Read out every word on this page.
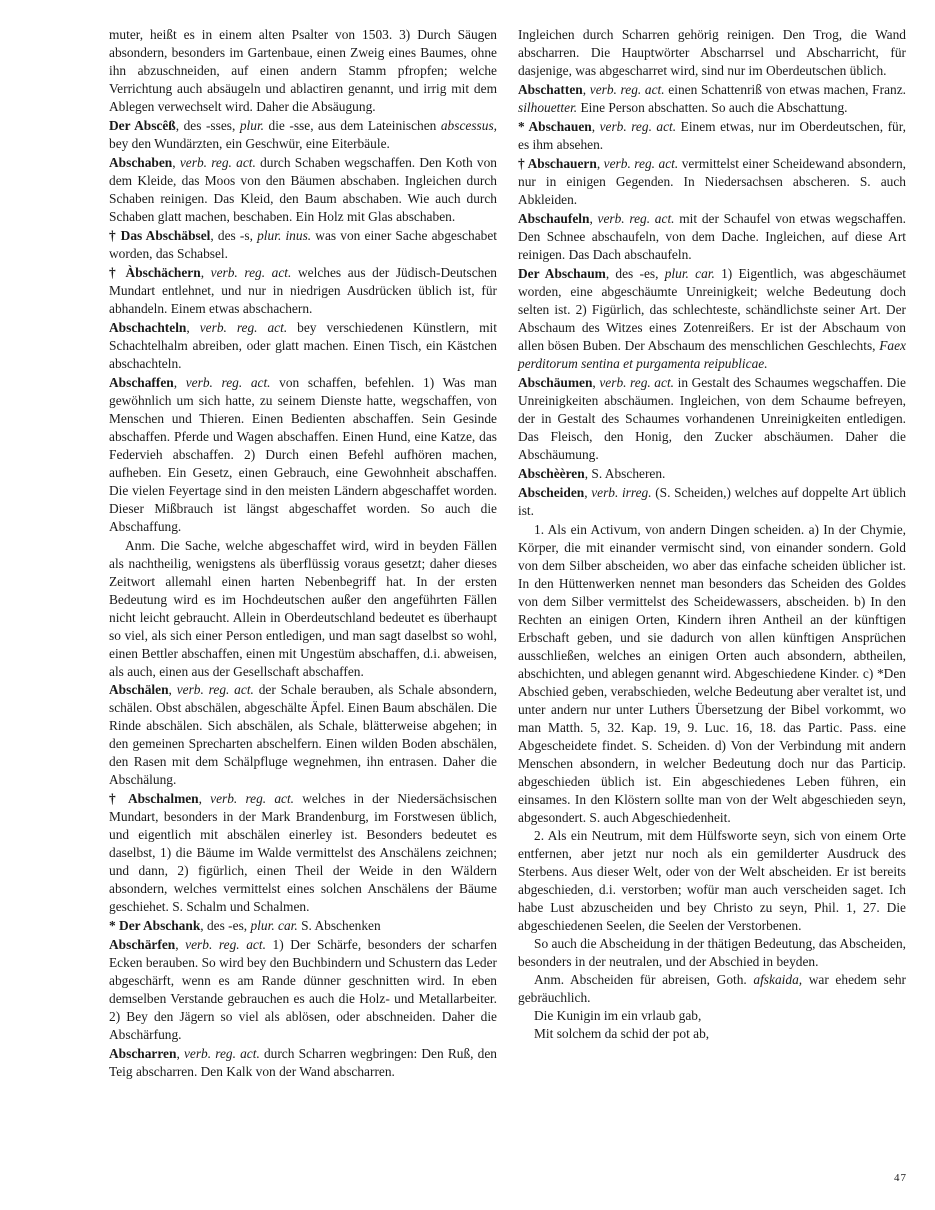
muter, heißt es in einem alten Psalter von 1503. 3) Durch Säugen absondern, besonders im Gartenbaue, einen Zweig eines Baumes, ohne ihn abzuschneiden, auf einen andern Stamm pfropfen; welche Verrichtung auch absäugeln und ablactiren genannt, und irrig mit dem Ablegen verwechselt wird. Daher die Absäugung.

Der Abscêß, des -sses, plur. die -sse, aus dem Lateinischen abscessus, bey den Wundärzten, ein Geschwür, eine Eiterbäule.

Abschaben, verb. reg. act. durch Schaben wegschaffen. Den Koth von dem Kleide, das Moos von den Bäumen abschaben. Ingleichen durch Schaben reinigen. Das Kleid, den Baum abschaben. Wie auch durch Schaben glatt machen, beschaben. Ein Holz mit Glas abschaben.

† Das Abschäbsel, des -s, plur. inus. was von einer Sache abgeschabet worden, das Schabsel.

† Àbschächern, verb. reg. act. welches aus der Jüdisch-Deutschen Mundart entlehnet, und nur in niedrigen Ausdrücken üblich ist, für abhandeln. Einem etwas abschachern.

Abschachteln, verb. reg. act. bey verschiedenen Künstlern, mit Schachtelhalm abreiben, oder glatt machen. Einen Tisch, ein Kästchen abschachteln.

Abschaffen, verb. reg. act. von schaffen, befehlen. 1) Was man gewöhnlich um sich hatte, zu seinem Dienste hatte, wegschaffen, von Menschen und Thieren. Einen Bedienten abschaffen. Sein Gesinde abschaffen. Pferde und Wagen abschaffen. Einen Hund, eine Katze, das Federvieh abschaffen. 2) Durch einen Befehl aufhören machen, aufheben. Ein Gesetz, einen Gebrauch, eine Gewohnheit abschaffen. Die vielen Feyertage sind in den meisten Ländern abgeschaffet worden. Dieser Mißbrauch ist längst abgeschaffet worden. So auch die Abschaffung.

Anm. Die Sache, welche abgeschaffet wird, wird in beyden Fällen als nachtheilig, wenigstens als überflüssig voraus gesetzt; daher dieses Zeitwort allemahl einen harten Nebenbegriff hat. In der ersten Bedeutung wird es im Hochdeutschen außer den angeführten Fällen nicht leicht gebraucht. Allein in Oberdeutschland bedeutet es überhaupt so viel, als sich einer Person entledigen, und man sagt daselbst so wohl, einen Bettler abschaffen, einen mit Ungestüm abschaffen, d.i. abweisen, als auch, einen aus der Gesellschaft abschaffen.

Abschälen, verb. reg. act. der Schale berauben, als Schale absondern, schälen. Obst abschälen, abgeschälte Äpfel. Einen Baum abschälen. Die Rinde abschälen. Sich abschälen, als Schale, blätterweise abgehen; in den gemeinen Sprecharten abschelfern. Einen wilden Boden abschälen, den Rasen mit dem Schälpfluge wegnehmen, ihn entrasen. Daher die Abschälung.

† Abschalmen, verb. reg. act. welches in der Niedersächsischen Mundart, besonders in der Mark Brandenburg, im Forstwesen üblich, und eigentlich mit abschälen einerley ist. Besonders bedeutet es daselbst, 1) die Bäume im Walde vermittelst des Anschälens zeichnen; und dann, 2) figürlich, einen Theil der Weide in den Wäldern absondern, welches vermittelst eines solchen Anschälens der Bäume geschiehet. S. Schalm und Schalmen.

* Der Abschank, des -es, plur. car. S. Abschenken

Abschärfen, verb. reg. act. 1) Der Schärfe, besonders der scharfen Ecken berauben. So wird bey den Buchbindern und Schustern das Leder abgeschärft, wenn es am Rande dünner geschnitten wird. In eben demselben Verstande gebrauchen es auch die Holz- und Metallarbeiter. 2) Bey den Jägern so viel als ablösen, oder abschneiden. Daher die Abschärfung.

Abscharren, verb. reg. act. durch Scharren wegbringen: Den Ruß, den Teig abscharren. Den Kalk von der Wand abscharren.

Ingleichen durch Scharren gehörig reinigen. Den Trog, die Wand abscharren. Die Hauptwörter Abscharrsel und Abscharricht, für dasjenige, was abgescharret wird, sind nur im Oberdeutschen üblich.

Abschatten, verb. reg. act. einen Schattenriß von etwas machen, Franz. silhouetter. Eine Person abschatten. So auch die Abschattung.

* Abschauen, verb. reg. act. Einem etwas, nur im Oberdeutschen, für, es ihm absehen.

† Abschauern, verb. reg. act. vermittelst einer Scheidewand absondern, nur in einigen Gegenden. In Niedersachsen abscheren. S. auch Abkleiden.

Abschaufeln, verb. reg. act. mit der Schaufel von etwas wegschaffen. Den Schnee abschaufeln, von dem Dache. Ingleichen, auf diese Art reinigen. Das Dach abschaufeln.

Der Abschaum, des -es, plur. car. 1) Eigentlich, was abgeschäumet worden, eine abgeschäumte Unreinigkeit; welche Bedeutung doch selten ist. 2) Figürlich, das schlechteste, schändlichste seiner Art. Der Abschaum des Witzes eines Zotenreißers. Er ist der Abschaum von allen bösen Buben. Der Abschaum des menschlichen Geschlechts, Faex perditorum sentina et purgamenta reipublicae.

Abschäumen, verb. reg. act. in Gestalt des Schaumes wegschaffen. Die Unreinigkeiten abschäumen. Ingleichen, von dem Schaume befreyen, der in Gestalt des Schaumes vorhandenen Unreinigkeiten entledigen. Das Fleisch, den Honig, den Zucker abschäumen. Daher die Abschäumung.

Abschèèren, S. Abscheren.

Abscheiden, verb. irreg. (S. Scheiden,) welches auf doppelte Art üblich ist.

1. Als ein Activum, von andern Dingen scheiden. a) In der Chymie, Körper, die mit einander vermischt sind, von einander sondern. Gold von dem Silber abscheiden, wo aber das einfache scheiden üblicher ist. In den Hüttenwerken nennet man besonders das Scheiden des Goldes von dem Silber vermittelst des Scheidewassers, abscheiden. b) In den Rechten an einigen Orten, Kindern ihren Antheil an der künftigen Erbschaft geben, und sie dadurch von allen künftigen Ansprüchen ausschließen, welches an einigen Orten auch absondern, abtheilen, abschichten, und ablegen genannt wird. Abgeschiedene Kinder. c) *Den Abschied geben, verabschieden, welche Bedeutung aber veraltet ist, und unter andern nur unter Luthers Übersetzung der Bibel vorkommt, wo man Matth. 5, 32. Kap. 19, 9. Luc. 16, 18. das Partic. Pass. eine Abgescheidete findet. S. Scheiden. d) Von der Verbindung mit andern Menschen absondern, in welcher Bedeutung doch nur das Particip. abgeschieden üblich ist. Ein abgeschiedenes Leben führen, ein einsames. In den Klöstern sollte man von der Welt abgeschieden seyn, abgesondert. S. auch Abgeschiedenheit.

2. Als ein Neutrum, mit dem Hülfsworte seyn, sich von einem Orte entfernen, aber jetzt nur noch als ein gemilderter Ausdruck des Sterbens. Aus dieser Welt, oder von der Welt abscheiden. Er ist bereits abgeschieden, d.i. verstorben; wofür man auch verscheiden saget. Ich habe Lust abzuscheiden und bey Christo zu seyn, Phil. 1, 27. Die abgeschiedenen Seelen, die Seelen der Verstorbenen.

So auch die Abscheidung in der thätigen Bedeutung, das Abscheiden, besonders in der neutralen, und der Abschied in beyden.

Anm. Abscheiden für abreisen, Goth. afskaida, war ehedem sehr gebräuchlich.

Die Kunigin im ein vrlaub gab,

Mit solchem da schid der pot ab,

47
